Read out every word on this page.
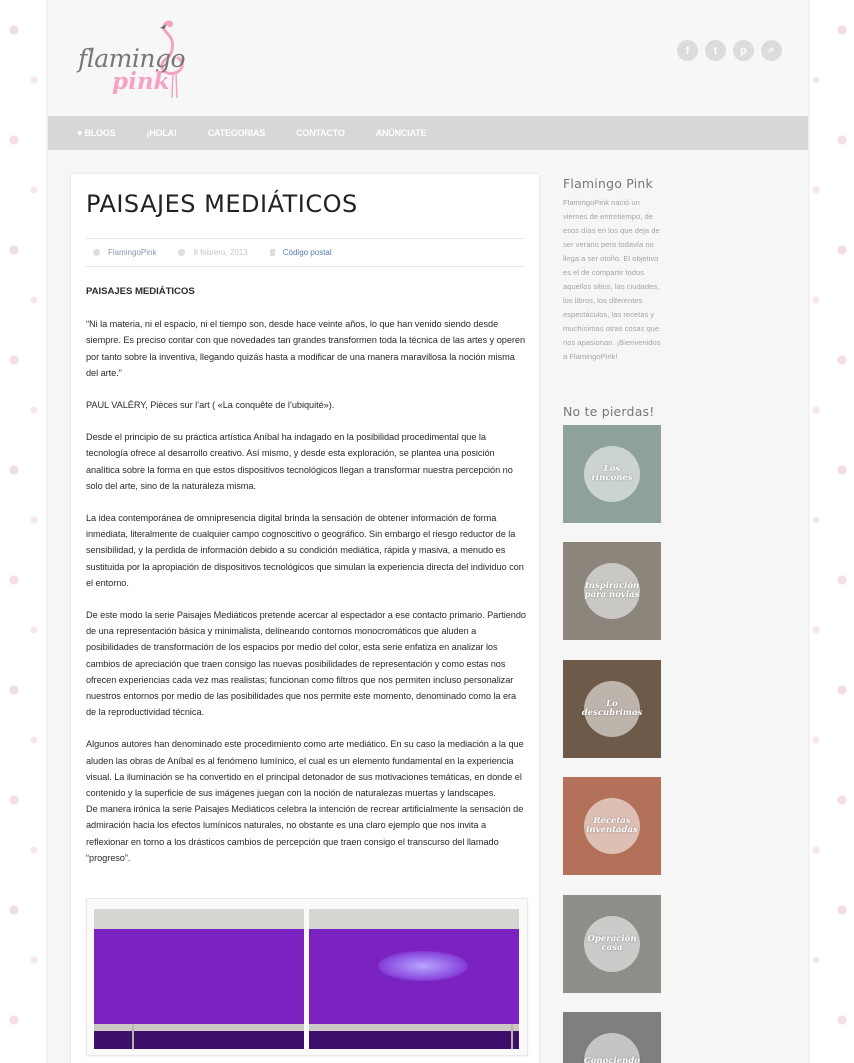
flamingo
pink
f	t	p	⌕
♥ BLOGS	¡HOLA!	CATEGORIAS	CONTACTO	ANÚNCIATE
PAISAJES MEDIÁTICOS
FlamingoPink	8 febrero, 2013	Código postal

PAISAJES MEDIÁTICOS

“Ni la materia, ni el espacio, ni el tiempo son, desde hace veinte años, lo que han venido siendo desde siempre. Es preciso contar con que novedades tan grandes transformen toda la técnica de las artes y operen por tanto sobre la inventiva, llegando quizás hasta a modificar de una manera maravillosa la noción misma del arte.”

PAUL VALÉRY, Pièces sur l’art ( «La conquête de l’ubiquité»).

Desde el principio de su práctica artística Aníbal ha indagado en la posibilidad procedimental que la tecnología ofrece al desarrollo creativo. Así mismo, y desde esta exploración, se plantea una posición analítica sobre la forma en que estos dispositivos tecnológicos llegan a transformar nuestra percepción no solo del arte, sino de la naturaleza misma.

La idea contemporánea de omnipresencia digital brinda la sensación de obtener información de forma inmediata, literalmente de cualquier campo cognoscitivo o geográfico. Sin embargo el riesgo reductor de la sensibilidad, y la perdida de información debido a su condición mediática, rápida y masiva, a menudo es sustituida por la apropiación de dispositivos tecnológicos que simulan la experiencia directa del individuo con el entorno.

De este modo la serie Paisajes Mediáticos pretende acercar al espectador a ese contacto primario. Partiendo de una representación básica y minimalista, delineando contornos monocromáticos que aluden a posibilidades de transformación de los espacios por medio del color, esta serie enfatiza en analizar los cambios de apreciación que traen consigo las nuevas posibilidades de representación y como estas nos ofrecen experiencias cada vez mas realistas; funcionan como filtros que nos permiten incluso personalizar nuestros entornos por medio de las posibilidades que nos permite este momento, denominado como la era de la reproductividad técnica.

Algunos autores han denominado este procedimiento como arte mediático. En su caso la mediación a la que aluden las obras de Aníbal es al fenómeno lumínico, el cual es un elemento fundamental en la experiencia visual. La iluminación se ha convertido en el principal detonador de sus motivaciones temáticas, en donde el contenido y la superficie de sus imágenes juegan con la noción de naturalezas muertas y landscapes.

De manera irónica la serie Paisajes Mediáticos celebra la intención de recrear artificialmente la sensación de admiración hacia los efectos lumínicos naturales, no obstante es una claro ejemplo que nos invita a reflexionar en torno a los drásticos cambios de percepción que traen consigo el transcurso del llamado “progreso”.

Flamingo Pink

FlamingoPink nació un viernes de entretiempo, de esos días en los que deja de ser verano pero todavía no llega a ser otoño. El objetivo es el de compartir todos aquellos sitios, las ciudades, los libros, los diferentes espectáculos, las recetas y muchísimas otras cosas que nos apasionan. ¡Bienvenidos a FlamingoPink!

No te pierdas!
Los rincones
Inspiración para novias
Lo descubrimos
Recetas inventadas
Operación casa
Conociendo
